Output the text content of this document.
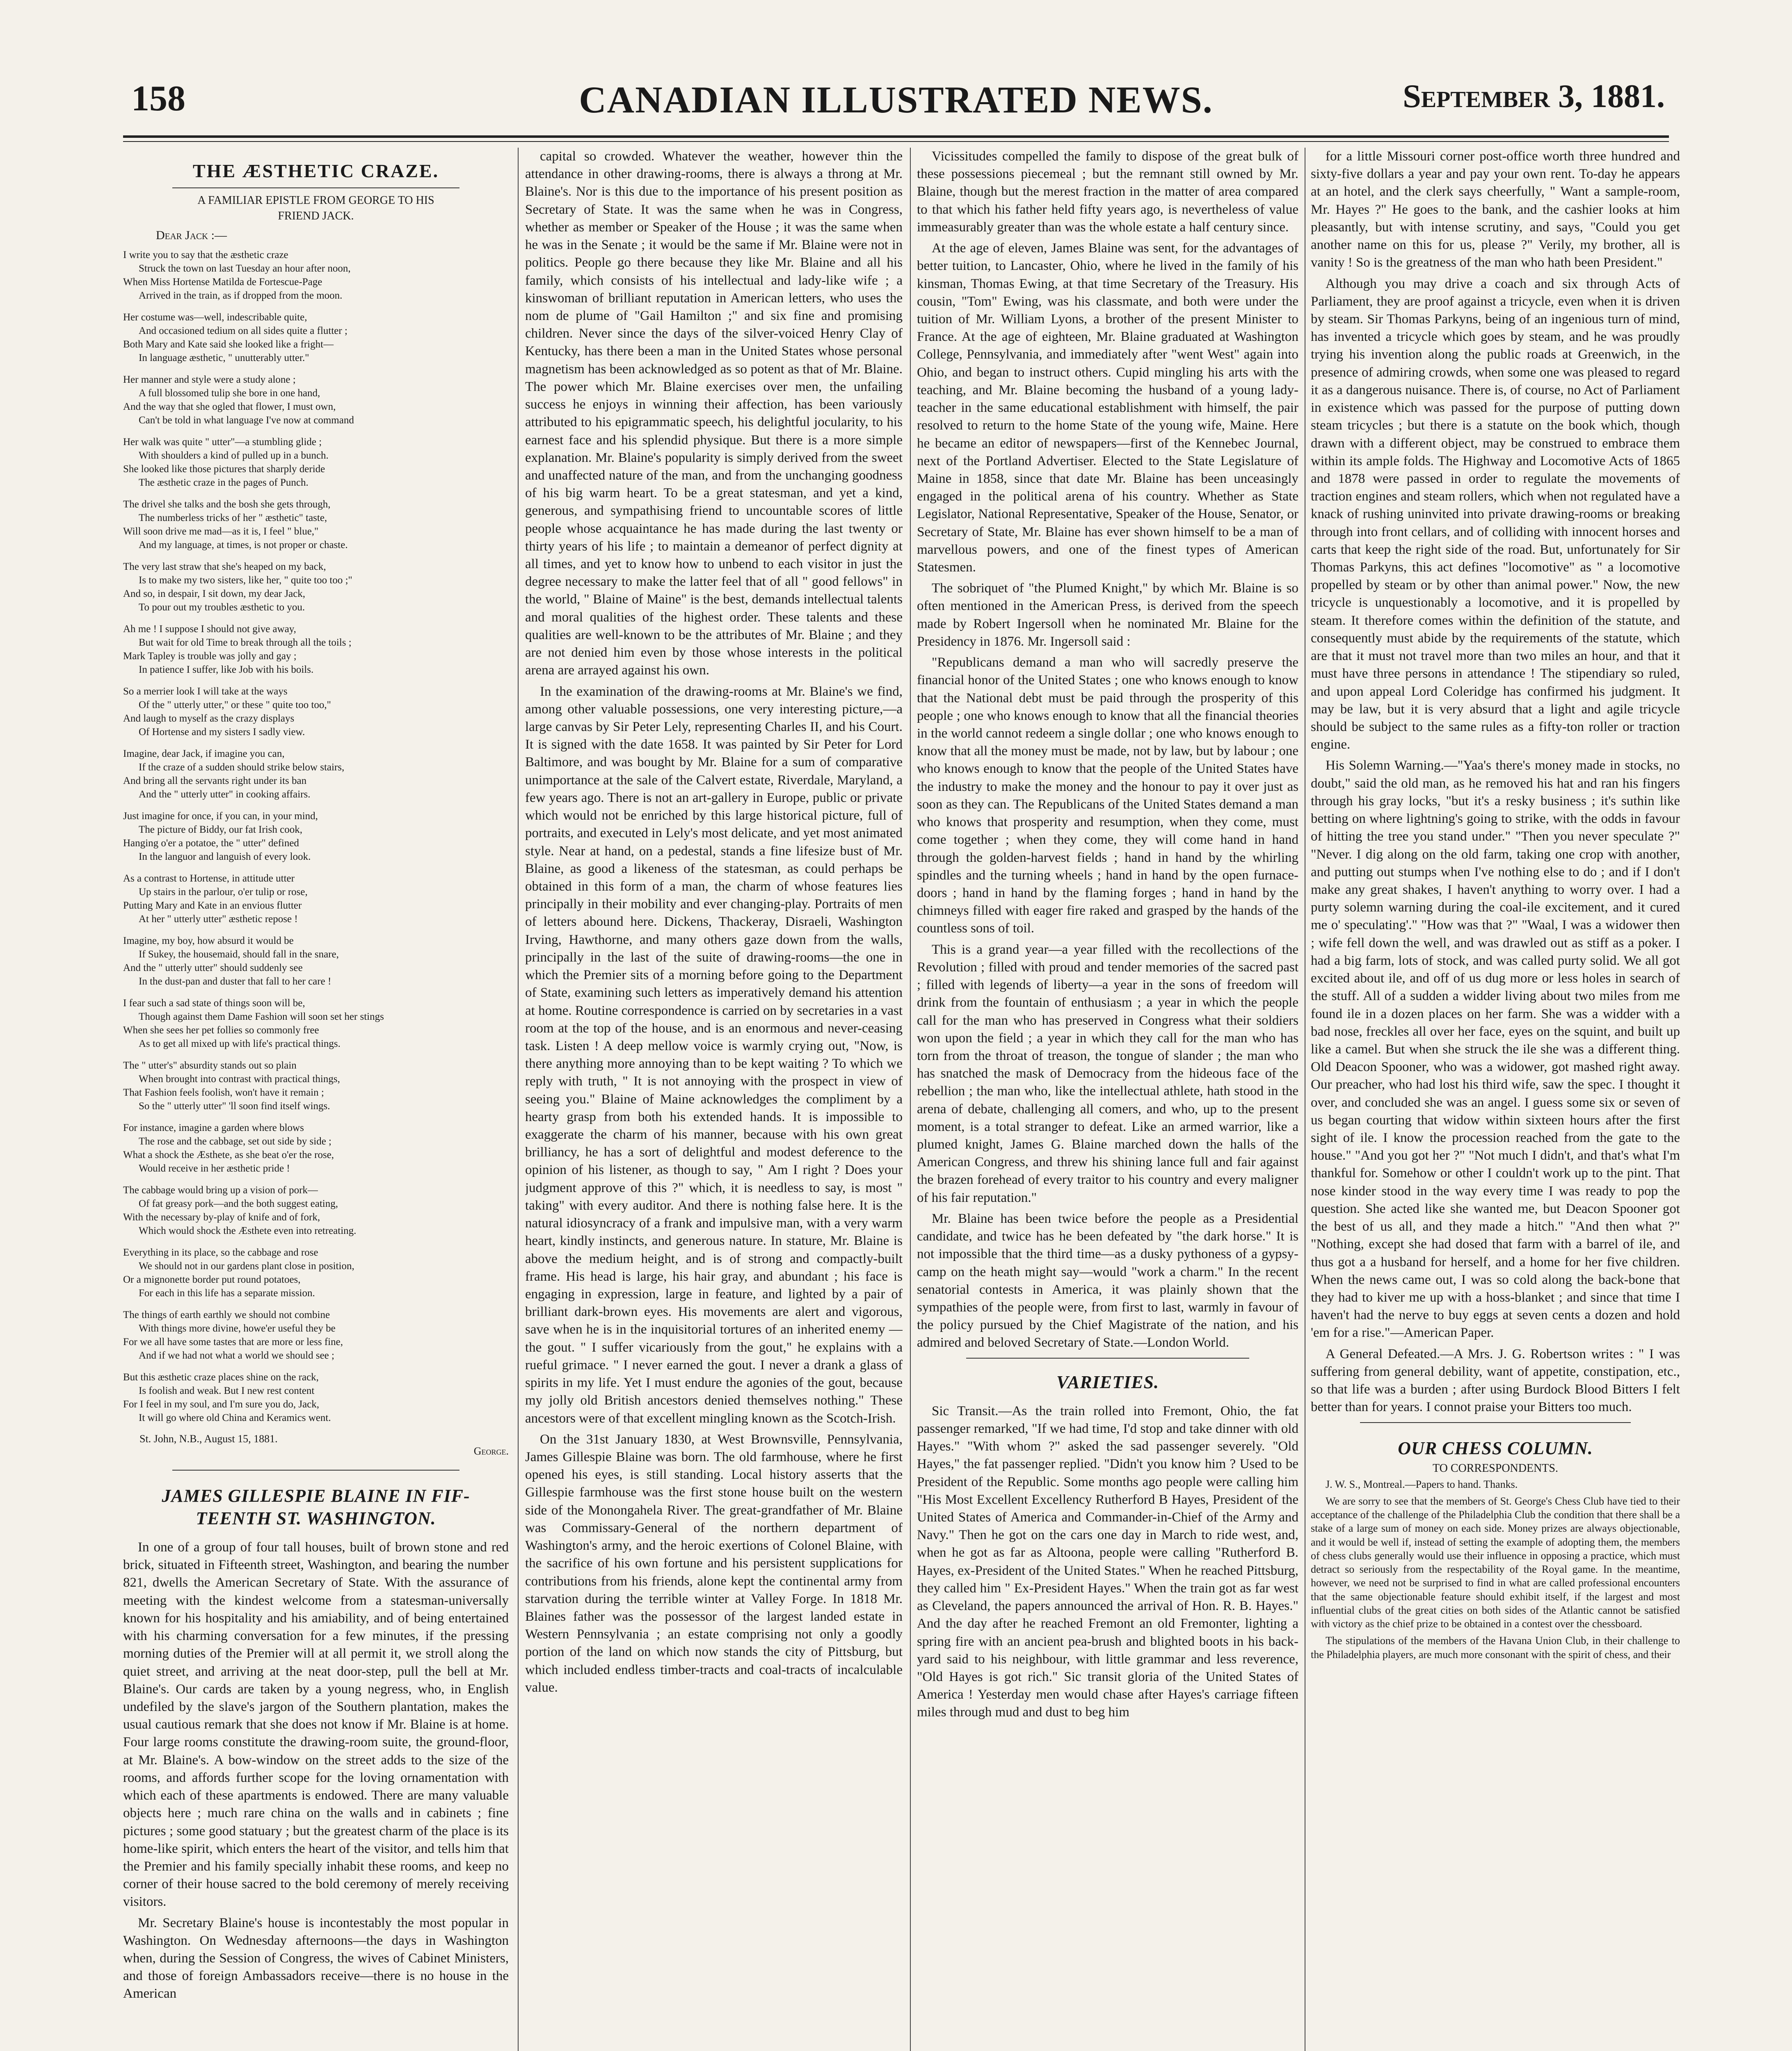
158	CANADIAN ILLUSTRATED NEWS.	September 3, 1881.
THE ÆSTHETIC CRAZE.
A FAMILIAR EPISTLE FROM GEORGE TO HIS
FRIEND JACK.
Dear Jack :—
I write you to say that the æsthetic craze
Struck the town on last Tuesday an hour after noon,
When Miss Hortense Matilda de Fortescue-Page
Arrived in the train, as if dropped from the moon.
Her costume was—well, indescribable quite,
And occasioned tedium on all sides quite a flutter ;
Both Mary and Kate said she looked like a fright—
In language æsthetic, " unutterably utter."
Her manner and style were a study alone ;
A full blossomed tulip she bore in one hand,
And the way that she ogled that flower, I must own,
Can't be told in what language I've now at command
Her walk was quite " utter"—a stumbling glide ;
With shoulders a kind of pulled up in a bunch.
She looked like those pictures that sharply deride
The æsthetic craze in the pages of Punch.
The drivel she talks and the bosh she gets through,
The numberless tricks of her " æsthetic" taste,
Will soon drive me mad—as it is, I feel " blue,"
And my language, at times, is not proper or chaste.
The very last straw that she's heaped on my back,
Is to make my two sisters, like her, " quite too too ;"
And so, in despair, I sit down, my dear Jack,
To pour out my troubles æsthetic to you.
Ah me ! I suppose I should not give away,
But wait for old Time to break through all the toils ;
Mark Tapley is trouble was jolly and gay ;
In patience I suffer, like Job with his boils.
So a merrier look I will take at the ways
Of the " utterly utter," or these " quite too too,"
And laugh to myself as the crazy displays
Of Hortense and my sisters I sadly view.
Imagine, dear Jack, if imagine you can,
If the craze of a sudden should strike below stairs,
And bring all the servants right under its ban
And the " utterly utter" in cooking affairs.
Just imagine for once, if you can, in your mind,
The picture of Biddy, our fat Irish cook,
Hanging o'er a potatoe, the " utter" defined
In the languor and languish of every look.
As a contrast to Hortense, in attitude utter
Up stairs in the parlour, o'er tulip or rose,
Putting Mary and Kate in an envious flutter
At her " utterly utter" æsthetic repose !
Imagine, my boy, how absurd it would be
If Sukey, the housemaid, should fall in the snare,
And the " utterly utter" should suddenly see
In the dust-pan and duster that fall to her care !
I fear such a sad state of things soon will be,
Though against them Dame Fashion will soon set her stings
When she sees her pet follies so commonly free
As to get all mixed up with life's practical things.
The " utter's" absurdity stands out so plain
When brought into contrast with practical things,
That Fashion feels foolish, won't have it remain ;
So the " utterly utter" 'll soon find itself wings.
For instance, imagine a garden where blows
The rose and the cabbage, set out side by side ;
What a shock the Æsthete, as she beat o'er the rose,
Would receive in her æsthetic pride !
The cabbage would bring up a vision of pork—
Of fat greasy pork—and the both suggest eating,
With the necessary by-play of knife and of fork,
Which would shock the Æsthete even into retreating.
Everything in its place, so the cabbage and rose
We should not in our gardens plant close in position,
Or a mignonette border put round potatoes,
For each in this life has a separate mission.
The things of earth earthly we should not combine
With things more divine, howe'er useful they be
For we all have some tastes that are more or less fine,
And if we had not what a world we should see ;
But this æsthetic craze places shine on the rack,
Is foolish and weak. But I new rest content
For I feel in my soul, and I'm sure you do, Jack,
It will go where old China and Keramics went.
St. John, N.B., August 15, 1881.
George.
JAMES GILLESPIE BLAINE IN FIF-
TEENTH ST. WASHINGTON.

In one of a group of four tall houses, built of brown stone and red brick, situated in Fifteenth street, Washington, and bearing the number 821, dwells the American Secretary of State. With the assurance of meeting with the kindest welcome from a statesman-universally known for his hospitality and his amiability, and of being entertained with his charming conversation for a few minutes, if the pressing morning duties of the Premier will at all permit it, we stroll along the quiet street, and arriving at the neat door-step, pull the bell at Mr. Blaine's. Our cards are taken by a young negress, who, in English undefiled by the slave's jargon of the Southern plantation, makes the usual cautious remark that she does not know if Mr. Blaine is at home. Four large rooms constitute the drawing-room suite, the ground-floor, at Mr. Blaine's. A bow-window on the street adds to the size of the rooms, and affords further scope for the loving ornamentation with which each of these apartments is endowed. There are many valuable objects here ; much rare china on the walls and in cabinets ; fine pictures ; some good statuary ; but the greatest charm of the place is its home-like spirit, which enters the heart of the visitor, and tells him that the Premier and his family specially inhabit these rooms, and keep no corner of their house sacred to the bold ceremony of merely receiving visitors.

Mr. Secretary Blaine's house is incontestably the most popular in Washington. On Wednesday afternoons—the days in Washington when, during the Session of Congress, the wives of Cabinet Ministers, and those of foreign Ambassadors receive—there is no house in the American

capital so crowded. Whatever the weather, however thin the attendance in other drawing-rooms, there is always a throng at Mr. Blaine's. Nor is this due to the importance of his present position as Secretary of State. It was the same when he was in Congress, whether as member or Speaker of the House ; it was the same when he was in the Senate ; it would be the same if Mr. Blaine were not in politics. People go there because they like Mr. Blaine and all his family, which consists of his intellectual and lady-like wife ; a kinswoman of brilliant reputation in American letters, who uses the nom de plume of "Gail Hamilton ;" and six fine and promising children. Never since the days of the silver-voiced Henry Clay of Kentucky, has there been a man in the United States whose personal magnetism has been acknowledged as so potent as that of Mr. Blaine. The power which Mr. Blaine exercises over men, the unfailing success he enjoys in winning their affection, has been variously attributed to his epigrammatic speech, his delightful jocularity, to his earnest face and his splendid physique. But there is a more simple explanation. Mr. Blaine's popularity is simply derived from the sweet and unaffected nature of the man, and from the unchanging goodness of his big warm heart. To be a great statesman, and yet a kind, generous, and sympathising friend to uncountable scores of little people whose acquaintance he has made during the last twenty or thirty years of his life ; to maintain a demeanor of perfect dignity at all times, and yet to know how to unbend to each visitor in just the degree necessary to make the latter feel that of all " good fellows" in the world, " Blaine of Maine" is the best, demands intellectual talents and moral qualities of the highest order. These talents and these qualities are well-known to be the attributes of Mr. Blaine ; and they are not denied him even by those whose interests in the political arena are arrayed against his own.

In the examination of the drawing-rooms at Mr. Blaine's we find, among other valuable possessions, one very interesting picture,—a large canvas by Sir Peter Lely, representing Charles II, and his Court. It is signed with the date 1658. It was painted by Sir Peter for Lord Baltimore, and was bought by Mr. Blaine for a sum of comparative unimportance at the sale of the Calvert estate, Riverdale, Maryland, a few years ago. There is not an art-gallery in Europe, public or private which would not be enriched by this large historical picture, full of portraits, and executed in Lely's most delicate, and yet most animated style. Near at hand, on a pedestal, stands a fine lifesize bust of Mr. Blaine, as good a likeness of the statesman, as could perhaps be obtained in this form of a man, the charm of whose features lies principally in their mobility and ever changing-play. Portraits of men of letters abound here. Dickens, Thackeray, Disraeli, Washington Irving, Hawthorne, and many others gaze down from the walls, principally in the last of the suite of drawing-rooms—the one in which the Premier sits of a morning before going to the Department of State, examining such letters as imperatively demand his attention at home. Routine correspondence is carried on by secretaries in a vast room at the top of the house, and is an enormous and never-ceasing task. Listen ! A deep mellow voice is warmly crying out, "Now, is there anything more annoying than to be kept waiting ? To which we reply with truth, " It is not annoying with the prospect in view of seeing you." Blaine of Maine acknowledges the compliment by a hearty grasp from both his extended hands. It is impossible to exaggerate the charm of his manner, because with his own great brilliancy, he has a sort of delightful and modest deference to the opinion of his listener, as though to say, " Am I right ? Does your judgment approve of this ?" which, it is needless to say, is most " taking" with every auditor. And there is nothing false here. It is the natural idiosyncracy of a frank and impulsive man, with a very warm heart, kindly instincts, and generous nature. In stature, Mr. Blaine is above the medium height, and is of strong and compactly-built frame. His head is large, his hair gray, and abundant ; his face is engaging in expression, large in feature, and lighted by a pair of brilliant dark-brown eyes. His movements are alert and vigorous, save when he is in the inquisitorial tortures of an inherited enemy —the gout. " I suffer vicariously from the gout," he explains with a rueful grimace. " I never earned the gout. I never a drank a glass of spirits in my life. Yet I must endure the agonies of the gout, because my jolly old British ancestors denied themselves nothing." These ancestors were of that excellent mingling known as the Scotch-Irish.

On the 31st January 1830, at West Brownsville, Pennsylvania, James Gillespie Blaine was born. The old farmhouse, where he first opened his eyes, is still standing. Local history asserts that the Gillespie farmhouse was the first stone house built on the western side of the Monongahela River. The great-grandfather of Mr. Blaine was Commissary-General of the northern department of Washington's army, and the heroic exertions of Colonel Blaine, with the sacrifice of his own fortune and his persistent supplications for contributions from his friends, alone kept the continental army from starvation during the terrible winter at Valley Forge. In 1818 Mr. Blaines father was the possessor of the largest landed estate in Western Pennsylvania ; an estate comprising not only a goodly portion of the land on which now stands the city of Pittsburg, but which included endless timber-tracts and coal-tracts of incalculable value.

Vicissitudes compelled the family to dispose of the great bulk of these possessions piecemeal ; but the remnant still owned by Mr. Blaine, though but the merest fraction in the matter of area compared to that which his father held fifty years ago, is nevertheless of value immeasurably greater than was the whole estate a half century since.

At the age of eleven, James Blaine was sent, for the advantages of better tuition, to Lancaster, Ohio, where he lived in the family of his kinsman, Thomas Ewing, at that time Secretary of the Treasury. His cousin, "Tom" Ewing, was his classmate, and both were under the tuition of Mr. William Lyons, a brother of the present Minister to France. At the age of eighteen, Mr. Blaine graduated at Washington College, Pennsylvania, and immediately after "went West" again into Ohio, and began to instruct others. Cupid mingling his arts with the teaching, and Mr. Blaine becoming the husband of a young lady-teacher in the same educational establishment with himself, the pair resolved to return to the home State of the young wife, Maine. Here he became an editor of newspapers—first of the Kennebec Journal, next of the Portland Advertiser. Elected to the State Legislature of Maine in 1858, since that date Mr. Blaine has been unceasingly engaged in the political arena of his country. Whether as State Legislator, National Representative, Speaker of the House, Senator, or Secretary of State, Mr. Blaine has ever shown himself to be a man of marvellous powers, and one of the finest types of American Statesmen.

The sobriquet of "the Plumed Knight," by which Mr. Blaine is so often mentioned in the American Press, is derived from the speech made by Robert Ingersoll when he nominated Mr. Blaine for the Presidency in 1876. Mr. Ingersoll said :

"Republicans demand a man who will sacredly preserve the financial honor of the United States ; one who knows enough to know that the National debt must be paid through the prosperity of this people ; one who knows enough to know that all the financial theories in the world cannot redeem a single dollar ; one who knows enough to know that all the money must be made, not by law, but by labour ; one who knows enough to know that the people of the United States have the industry to make the money and the honour to pay it over just as soon as they can. The Republicans of the United States demand a man who knows that prosperity and resumption, when they come, must come together ; when they come, they will come hand in hand through the golden-harvest fields ; hand in hand by the whirling spindles and the turning wheels ; hand in hand by the open furnace-doors ; hand in hand by the flaming forges ; hand in hand by the chimneys filled with eager fire raked and grasped by the hands of the countless sons of toil.

This is a grand year—a year filled with the recollections of the Revolution ; filled with proud and tender memories of the sacred past ; filled with legends of liberty—a year in the sons of freedom will drink from the fountain of enthusiasm ; a year in which the people call for the man who has preserved in Congress what their soldiers won upon the field ; a year in which they call for the man who has torn from the throat of treason, the tongue of slander ; the man who has snatched the mask of Democracy from the hideous face of the rebellion ; the man who, like the intellectual athlete, hath stood in the arena of debate, challenging all comers, and who, up to the present moment, is a total stranger to defeat. Like an armed warrior, like a plumed knight, James G. Blaine marched down the halls of the American Congress, and threw his shining lance full and fair against the brazen forehead of every traitor to his country and every maligner of his fair reputation."

Mr. Blaine has been twice before the people as a Presidential candidate, and twice has he been defeated by "the dark horse." It is not impossible that the third time—as a dusky pythoness of a gypsy-camp on the heath might say—would "work a charm." In the recent senatorial contests in America, it was plainly shown that the sympathies of the people were, from first to last, warmly in favour of the policy pursued by the Chief Magistrate of the nation, and his admired and beloved Secretary of State.—London World.

VARIETIES.

Sic Transit.—As the train rolled into Fremont, Ohio, the fat passenger remarked, "If we had time, I'd stop and take dinner with old Hayes." "With whom ?" asked the sad passenger severely. "Old Hayes," the fat passenger replied. "Didn't you know him ? Used to be President of the Republic. Some months ago people were calling him "His Most Excellent Excellency Rutherford B Hayes, President of the United States of America and Commander-in-Chief of the Army and Navy." Then he got on the cars one day in March to ride west, and, when he got as far as Altoona, people were calling "Rutherford B. Hayes, ex-President of the United States." When he reached Pittsburg, they called him " Ex-President Hayes." When the train got as far west as Cleveland, the papers announced the arrival of Hon. R. B. Hayes." And the day after he reached Fremont an old Fremonter, lighting a spring fire with an ancient pea-brush and blighted boots in his back-yard said to his neighbour, with little grammar and less reverence, "Old Hayes is got rich." Sic transit gloria of the United States of America ! Yesterday men would chase after Hayes's carriage fifteen miles through mud and dust to beg him

for a little Missouri corner post-office worth three hundred and sixty-five dollars a year and pay your own rent. To-day he appears at an hotel, and the clerk says cheerfully, " Want a sample-room, Mr. Hayes ?" He goes to the bank, and the cashier looks at him pleasantly, but with intense scrutiny, and says, "Could you get another name on this for us, please ?" Verily, my brother, all is vanity ! So is the greatness of the man who hath been President."

Although you may drive a coach and six through Acts of Parliament, they are proof against a tricycle, even when it is driven by steam. Sir Thomas Parkyns, being of an ingenious turn of mind, has invented a tricycle which goes by steam, and he was proudly trying his invention along the public roads at Greenwich, in the presence of admiring crowds, when some one was pleased to regard it as a dangerous nuisance. There is, of course, no Act of Parliament in existence which was passed for the purpose of putting down steam tricycles ; but there is a statute on the book which, though drawn with a different object, may be construed to embrace them within its ample folds. The Highway and Locomotive Acts of 1865 and 1878 were passed in order to regulate the movements of traction engines and steam rollers, which when not regulated have a knack of rushing uninvited into private drawing-rooms or breaking through into front cellars, and of colliding with innocent horses and carts that keep the right side of the road. But, unfortunately for Sir Thomas Parkyns, this act defines "locomotive" as " a locomotive propelled by steam or by other than animal power." Now, the new tricycle is unquestionably a locomotive, and it is propelled by steam. It therefore comes within the definition of the statute, and consequently must abide by the requirements of the statute, which are that it must not travel more than two miles an hour, and that it must have three persons in attendance ! The stipendiary so ruled, and upon appeal Lord Coleridge has confirmed his judgment. It may be law, but it is very absurd that a light and agile tricycle should be subject to the same rules as a fifty-ton roller or traction engine.

His Solemn Warning.—"Yaa's there's money made in stocks, no doubt," said the old man, as he removed his hat and ran his fingers through his gray locks, "but it's a resky business ; it's suthin like betting on where lightning's going to strike, with the odds in favour of hitting the tree you stand under." "Then you never speculate ?" "Never. I dig along on the old farm, taking one crop with another, and putting out stumps when I've nothing else to do ; and if I don't make any great shakes, I haven't anything to worry over. I had a purty solemn warning during the coal-ile excitement, and it cured me o' speculating'." "How was that ?" "Waal, I was a widower then ; wife fell down the well, and was drawled out as stiff as a poker. I had a big farm, lots of stock, and was called purty solid. We all got excited about ile, and off of us dug more or less holes in search of the stuff. All of a sudden a widder living about two miles from me found ile in a dozen places on her farm. She was a widder with a bad nose, freckles all over her face, eyes on the squint, and built up like a camel. But when she struck the ile she was a different thing. Old Deacon Spooner, who was a widower, got mashed right away. Our preacher, who had lost his third wife, saw the spec. I thought it over, and concluded she was an angel. I guess some six or seven of us began courting that widow within sixteen hours after the first sight of ile. I know the procession reached from the gate to the house." "And you got her ?" "Not much I didn't, and that's what I'm thankful for. Somehow or other I couldn't work up to the pint. That nose kinder stood in the way every time I was ready to pop the question. She acted like she wanted me, but Deacon Spooner got the best of us all, and they made a hitch." "And then what ?" "Nothing, except she had dosed that farm with a barrel of ile, and thus got a a husband for herself, and a home for her five children. When the news came out, I was so cold along the back-bone that they had to kiver me up with a hoss-blanket ; and since that time I haven't had the nerve to buy eggs at seven cents a dozen and hold 'em for a rise."—American Paper.

A General Defeated.—A Mrs. J. G. Robertson writes : " I was suffering from general debility, want of appetite, constipation, etc., so that life was a burden ; after using Burdock Blood Bitters I felt better than for years. I connot praise your Bitters too much.

OUR CHESS COLUMN.
TO CORRESPONDENTS.

J. W. S., Montreal.—Papers to hand. Thanks.

We are sorry to see that the members of St. George's Chess Club have tied to their acceptance of the challenge of the Philadelphia Club the condition that there shall be a stake of a large sum of money on each side. Money prizes are always objectionable, and it would be well if, instead of setting the example of adopting them, the members of chess clubs generally would use their influence in opposing a practice, which must detract so seriously from the respectability of the Royal game. In the meantime, however, we need not be surprised to find in what are called professional encounters that the same objectionable feature should exhibit itself, if the largest and most influential clubs of the great cities on both sides of the Atlantic cannot be satisfied with victory as the chief prize to be obtained in a contest over the chessboard.

The stipulations of the members of the Havana Union Club, in their challenge to the Philadelphia players, are much more consonant with the spirit of chess, and their
